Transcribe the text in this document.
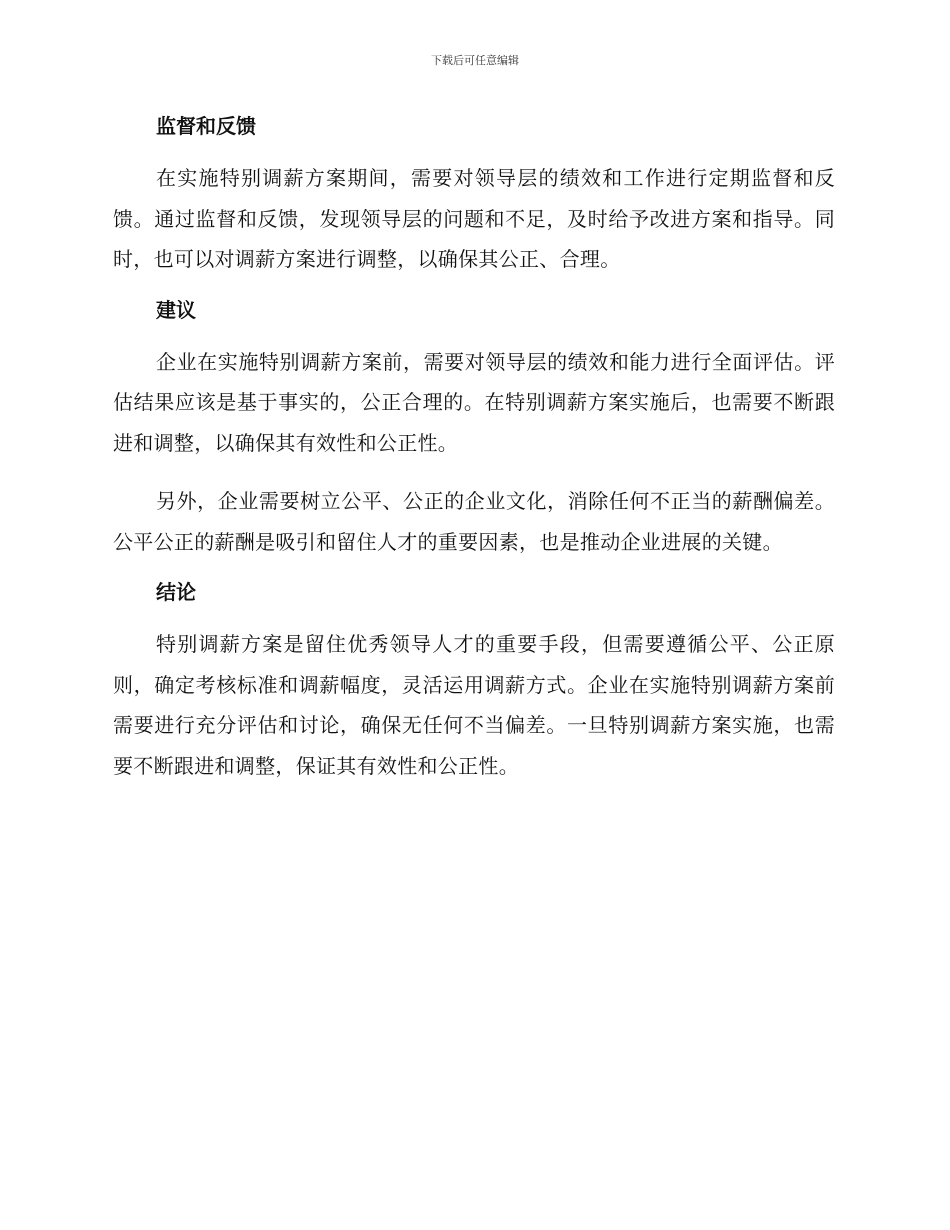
下载后可任意编辑
监督和反馈

在实施特别调薪方案期间，需要对领导层的绩效和工作进行定期监督和反馈。通过监督和反馈，发现领导层的问题和不足，及时给予改进方案和指导。同时，也可以对调薪方案进行调整，以确保其公正、合理。

建议

企业在实施特别调薪方案前，需要对领导层的绩效和能力进行全面评估。评估结果应该是基于事实的，公正合理的。在特别调薪方案实施后，也需要不断跟进和调整，以确保其有效性和公正性。

另外，企业需要树立公平、公正的企业文化，消除任何不正当的薪酬偏差。公平公正的薪酬是吸引和留住人才的重要因素，也是推动企业进展的关键。

结论

特别调薪方案是留住优秀领导人才的重要手段，但需要遵循公平、公正原则，确定考核标准和调薪幅度，灵活运用调薪方式。企业在实施特别调薪方案前需要进行充分评估和讨论，确保无任何不当偏差。一旦特别调薪方案实施，也需要不断跟进和调整，保证其有效性和公正性。
